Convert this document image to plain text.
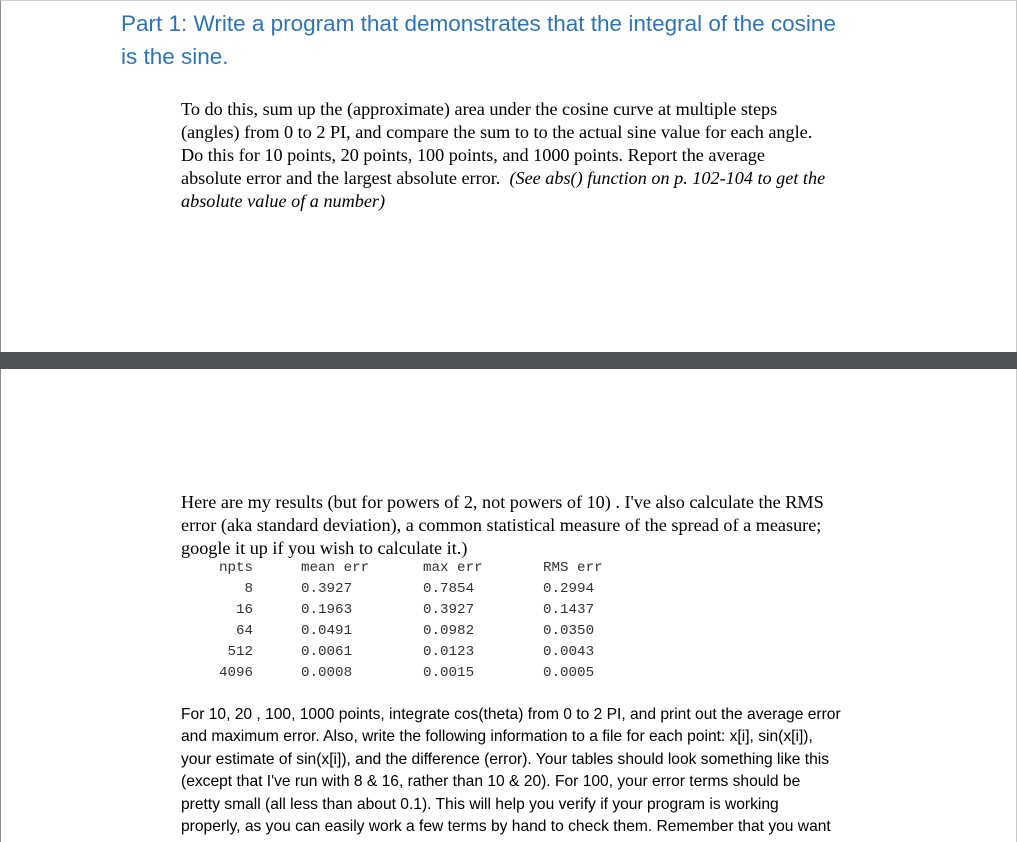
Part 1: Write a program that demonstrates that the integral of the cosine
is the sine.

To do this, sum up the (approximate) area under the cosine curve at multiple steps
(angles) from 0 to 2 PI, and compare the sum to to the actual sine value for each angle.
Do this for 10 points, 20 points, 100 points, and 1000 points. Report the average
absolute error and the largest absolute error. (See abs() function on p. 102-104 to get the
absolute value of a number)

Here are my results (but for powers of 2, not powers of 10) . I've also calculate the RMS
error (aka standard deviation), a common statistical measure of the spread of a measure;
google it up if you wish to calculate it.)

npts	mean err	max err	RMS err
8	0.3927	0.7854	0.2994
16	0.1963	0.3927	0.1437
64	0.0491	0.0982	0.0350
512	0.0061	0.0123	0.0043
4096	0.0008	0.0015	0.0005

For 10, 20 , 100, 1000 points, integrate cos(theta) from 0 to 2 PI, and print out the average error
and maximum error. Also, write the following information to a file for each point: x[i], sin(x[i]),
your estimate of sin(x[i]), and the difference (error). Your tables should look something like this
(except that I've run with 8 & 16, rather than 10 & 20). For 100, your error terms should be
pretty small (all less than about 0.1). This will help you verify if your program is working
properly, as you can easily work a few terms by hand to check them. Remember that you want
